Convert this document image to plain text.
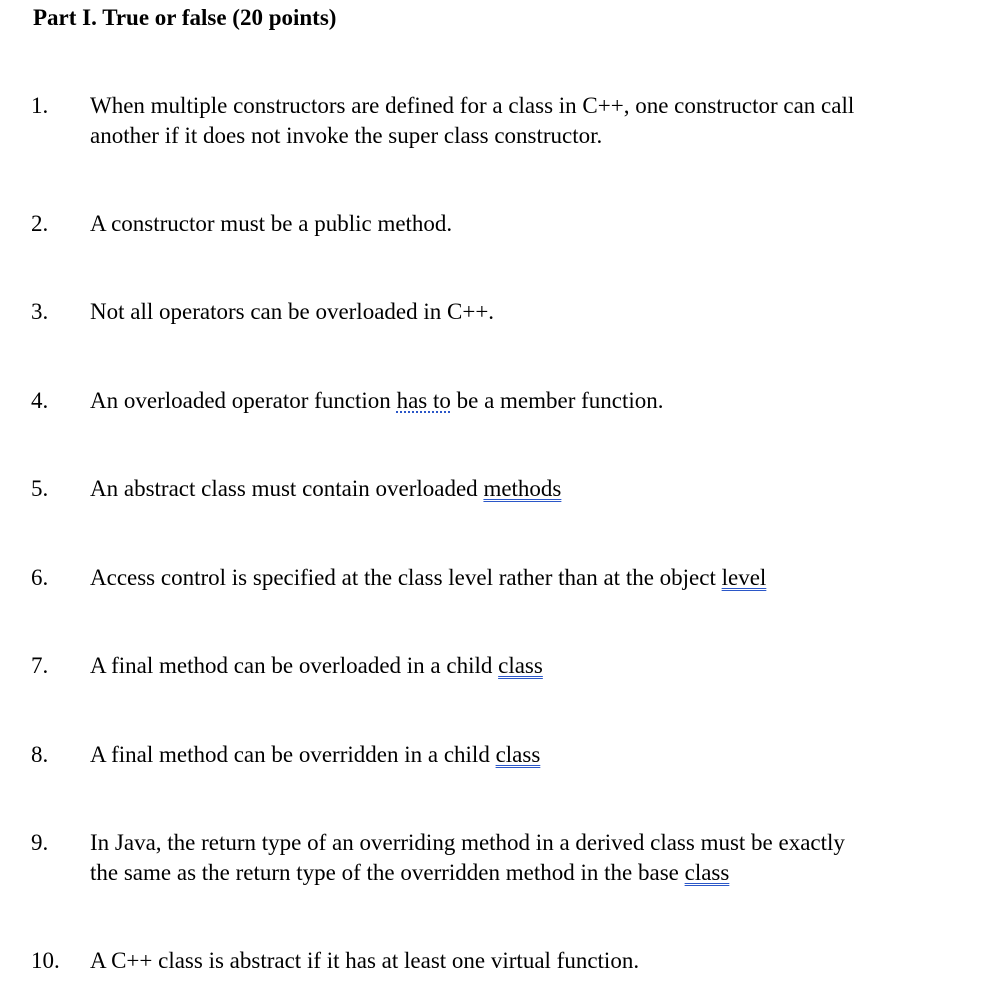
Part I. True or false (20 points)
1. When multiple constructors are defined for a class in C++, one constructor can call
another if it does not invoke the super class constructor.
2. A constructor must be a public method.
3. Not all operators can be overloaded in C++.
4. An overloaded operator function has to be a member function.
5. An abstract class must contain overloaded methods
6. Access control is specified at the class level rather than at the object level
7. A final method can be overloaded in a child class
8. A final method can be overridden in a child class
9. In Java, the return type of an overriding method in a derived class must be exactly
the same as the return type of the overridden method in the base class
10. A C++ class is abstract if it has at least one virtual function.
